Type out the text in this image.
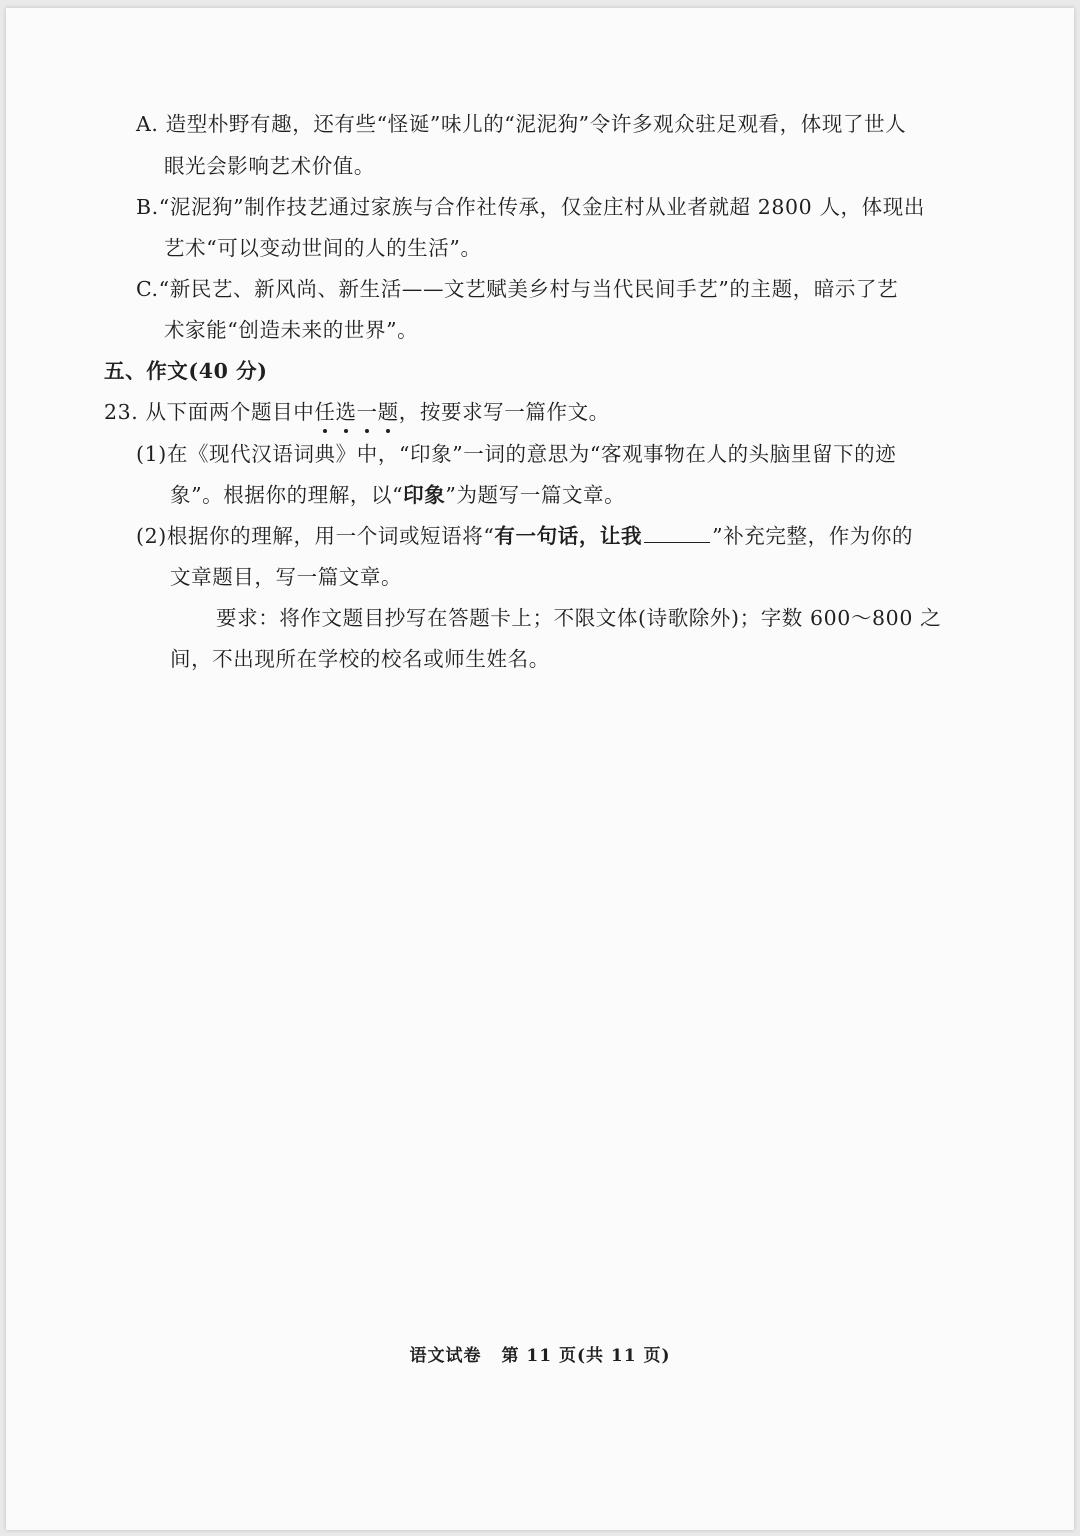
A. 造型朴野有趣，还有些“怪诞”味儿的“泥泥狗”令许多观众驻足观看，体现了世人
眼光会影响艺术价值。
B.“泥泥狗”制作技艺通过家族与合作社传承，仅金庄村从业者就超 2800 人，体现出
艺术“可以变动世间的人的生活”。
C.“新民艺、新风尚、新生活——文艺赋美乡村与当代民间手艺”的主题，暗示了艺
术家能“创造未来的世界”。
五、作文(40 分)
23. 从下面两个题目中任选一题，按要求写一篇作文。
(1)在《现代汉语词典》中，“印象”一词的意思为“客观事物在人的头脑里留下的迹
象”。根据你的理解，以“印象”为题写一篇文章。
(2)根据你的理解，用一个词或短语将“有一句话，让我	”补充完整，作为你的
文章题目，写一篇文章。
要求：将作文题目抄写在答题卡上；不限文体(诗歌除外)；字数 600～800 之
间，不出现所在学校的校名或师生姓名。
语文试卷 第 11 页(共 11 页)
